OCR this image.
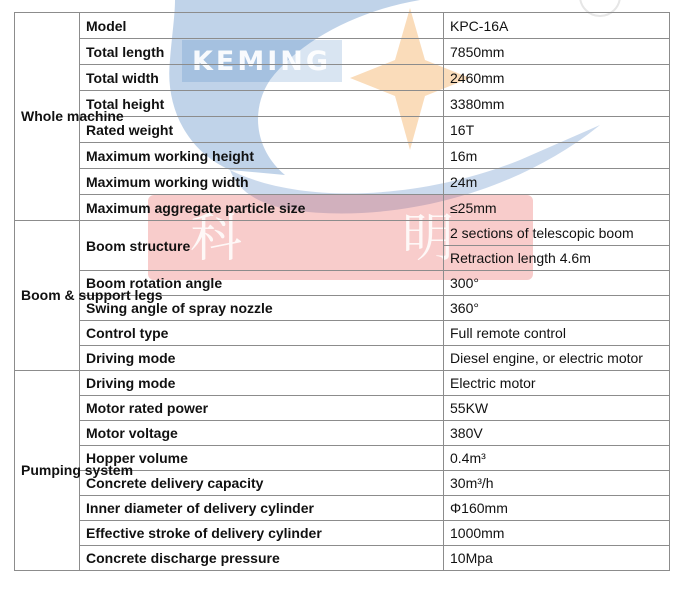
KEMING
科	明
Whole machine	Model	KPC-16A
	Total length	7850mm
	Total width	2460mm
	Total height	3380mm
	Rated weight	16T
	Maximum working height	16m
	Maximum working width	24m
	Maximum aggregate particle size	≤25mm
Boom & support legs	Boom structure	2 sections of telescopic boom
		Retraction length 4.6m
	Boom rotation angle	300°
	Swing angle of spray nozzle	360°
	Control type	Full remote control
	Driving mode	Diesel engine, or electric motor
Pumping system	Driving mode	Electric motor
	Motor rated power	55KW
	Motor voltage	380V
	Hopper volume	0.4m³
	Concrete delivery capacity	30m³/h
	Inner diameter of delivery cylinder	Φ160mm
	Effective stroke of delivery cylinder	1000mm
	Concrete discharge pressure	10Mpa
